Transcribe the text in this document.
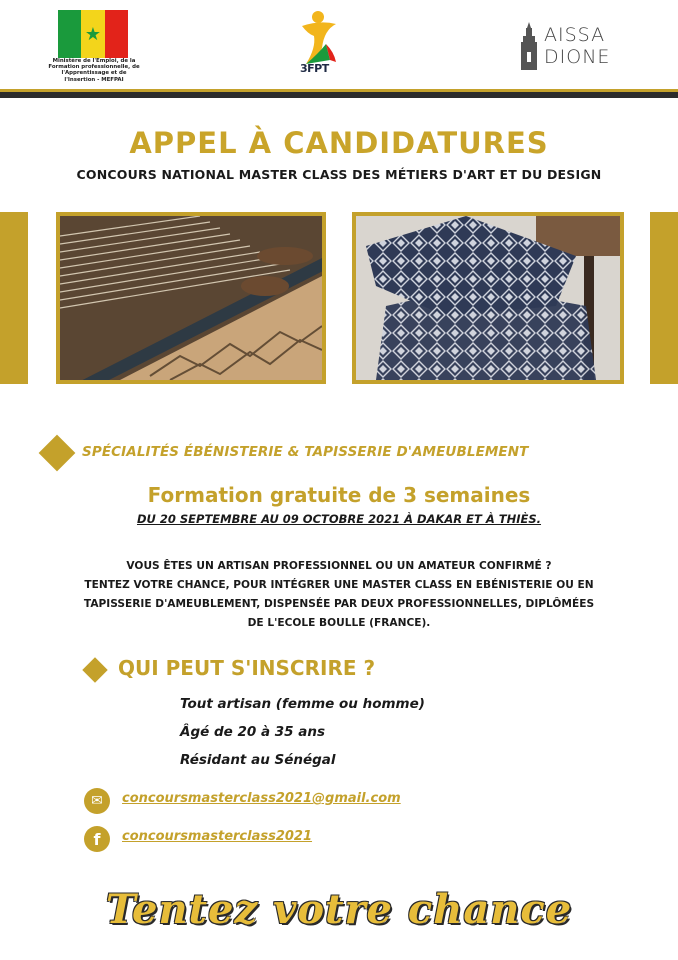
★
Ministère de l'Emploi, de la Formation professionnelle, de l'Apprentissage et de l'Insertion - MEFPAI
3FPT
AISSA
DIONE
APPEL À CANDIDATURES
CONCOURS NATIONAL MASTER CLASS DES MÉTIERS D'ART ET DU DESIGN
SPÉCIALITÉS ÉBÉNISTERIE & TAPISSERIE D'AMEUBLEMENT
Formation gratuite de 3 semaines
DU 20 SEPTEMBRE AU 09 OCTOBRE 2021 À DAKAR ET À THIÈS.
VOUS ÊTES UN ARTISAN PROFESSIONNEL OU UN AMATEUR CONFIRMÉ ?
TENTEZ VOTRE CHANCE, POUR INTÉGRER UNE MASTER CLASS EN EBÉNISTERIE OU EN
TAPISSERIE D'AMEUBLEMENT, DISPENSÉE PAR DEUX PROFESSIONNELLES, DIPLÔMÉES
DE L'ECOLE BOULLE (FRANCE).
QUI PEUT S'INSCRIRE ?
Tout artisan (femme ou homme)
Âgé de 20 à 35 ans
Résidant au Sénégal
✉	concoursmasterclass2021@gmail.com
f	concoursmasterclass2021
Tentez votre chance
